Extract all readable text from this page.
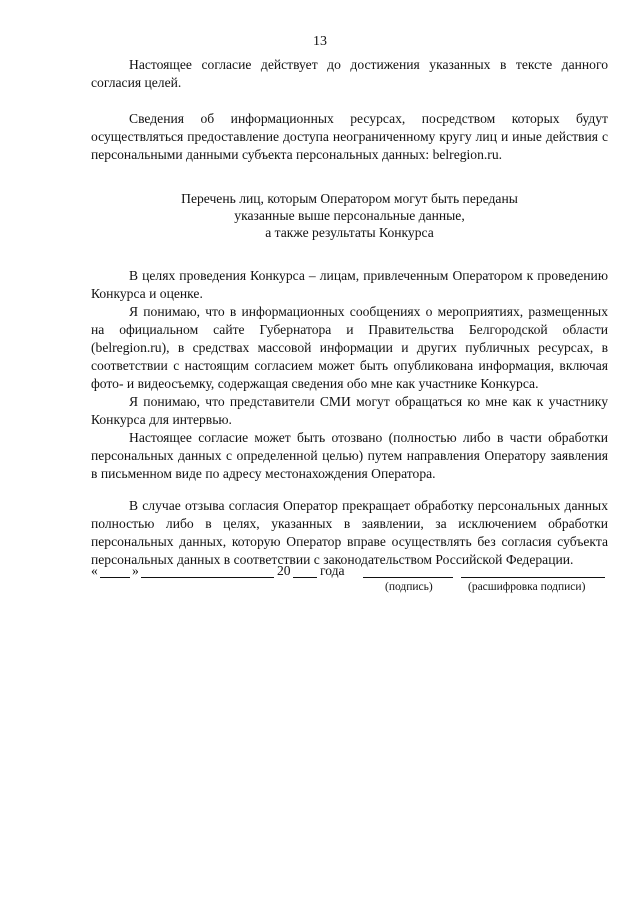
13

Настоящее согласие действует до достижения указанных в тексте данного согласия целей.

Сведения об информационных ресурсах, посредством которых будут осуществляться предоставление доступа неограниченному кругу лиц и иные действия с персональными данными субъекта персональных данных: belregion.ru.

Перечень лиц, которым Оператором могут быть переданы
указанные выше персональные данные,
а также результаты Конкурса

В целях проведения Конкурса – лицам, привлеченным Оператором к проведению Конкурса и оценке.

Я понимаю, что в информационных сообщениях о мероприятиях, размещенных на официальном сайте Губернатора и Правительства Белгородской области (belregion.ru), в средствах массовой информации и других публичных ресурсах, в соответствии с настоящим согласием может быть опубликована информация, включая фото- и видеосъемку, содержащая сведения обо мне как участнике Конкурса.

Я понимаю, что представители СМИ могут обращаться ко мне как к участнику Конкурса для интервью.

Настоящее согласие может быть отозвано (полностью либо в части обработки персональных данных с определенной целью) путем направления Оператору заявления в письменном виде по адресу местонахождения Оператора.

В случае отзыва согласия Оператор прекращает обработку персональных данных полностью либо в целях, указанных в заявлении, за исключением обработки персональных данных, которую Оператор вправе осуществлять без согласия субъекта персональных данных в соответствии с законодательством Российской Федерации.

«	»	20 года
(подпись)	(расшифровка подписи)
